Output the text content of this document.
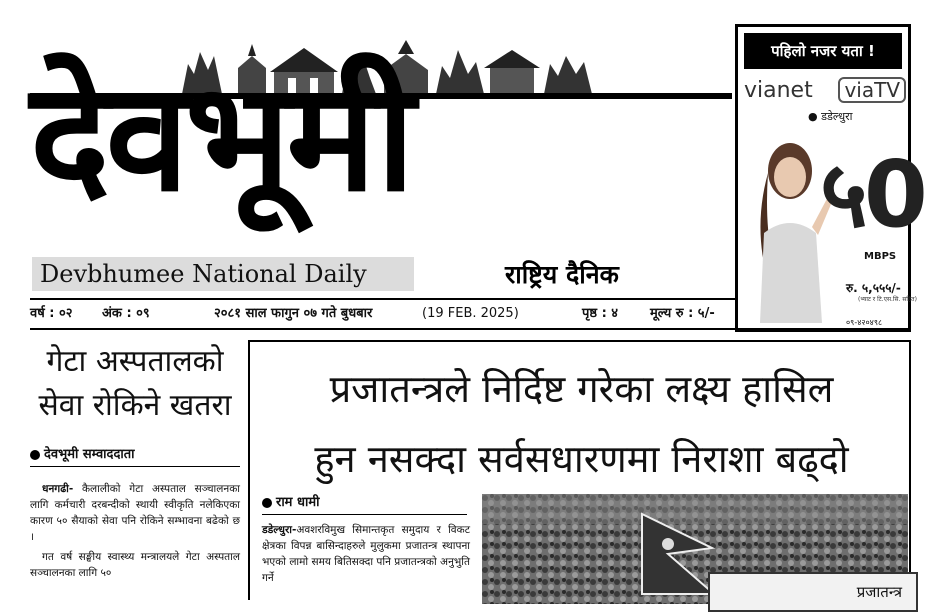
देवभूमी
Devbhumee National Daily	राष्ट्रिय दैनिक
पहिलो नजर यता !
vianet	viaTV
● डडेल्धुरा
५0
MBPS
रु. ५,५५५/-
(भ्याट र टि.एस.सि. सहित)
०९-४२०४९८
वर्ष : ०२ अंक : ०९	२०८१ साल फागुन ०७ गते बुधबार	(19 FEB. 2025)	पृष्ठ : ४ मूल्य रु : ५/-
गेटा अस्पतालको
सेवा रोकिने खतरा
देवभूमी सम्वाददाता

धनगढी- कैलालीको गेटा अस्पताल सञ्चालनका लागि कर्मचारी दरबन्दीको स्थायी स्वीकृति नलेकिएका कारण ५० सैयाको सेवा पनि रोकिने सम्भावना बढेको छ ।

गत वर्ष सङ्घीय स्वास्थ्य मन्त्रालयले गेटा अस्पताल सञ्चालनका लागि ५०

प्रजातन्त्रले निर्दिष्ट गरेका लक्ष्य हासिल
हुन नसक्दा सर्वसधारणमा निराशा बढ्दो
राम धामी
डडेल्धुरा-अवशरविमुख सिमान्तकृत समुदाय र विकट क्षेत्रका विपन्न बासिन्दाहरुले मुलुकमा प्रजातन्त्र स्थापना भएको लामो समय बितिसक्दा पनि प्रजातन्त्रको अनुभुति गर्ने
प्रजातन्त्र
